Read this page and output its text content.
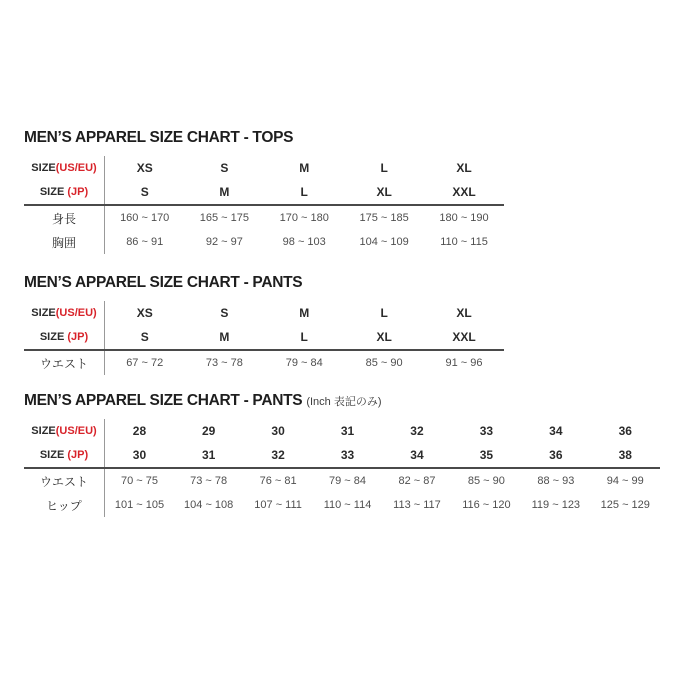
MEN’S APPAREL SIZE CHART - TOPS
SIZE(US/EU)	XS	S	M	L	XL
SIZE (JP)	S	M	L	XL	XXL
身長	160 ~ 170	165 ~ 175	170 ~ 180	175 ~ 185	180 ~ 190
胸囲	86 ~ 91	92 ~ 97	98 ~ 103	104 ~ 109	110 ~ 115
MEN’S APPAREL SIZE CHART - PANTS
SIZE(US/EU)	XS	S	M	L	XL
SIZE (JP)	S	M	L	XL	XXL
ウエスト	67 ~ 72	73 ~ 78	79 ~ 84	85 ~ 90	91 ~ 96
MEN’S APPAREL SIZE CHART - PANTS (Inch 表記のみ)
SIZE(US/EU)	28	29	30	31	32	33	34	36
SIZE (JP)	30	31	32	33	34	35	36	38
ウエスト	70 ~ 75	73 ~ 78	76 ~ 81	79 ~ 84	82 ~ 87	85 ~ 90	88 ~ 93	94 ~ 99
ヒップ	101 ~ 105	104 ~ 108	107 ~ 111	110 ~ 114	113 ~ 117	116 ~ 120	119 ~ 123	125 ~ 129
